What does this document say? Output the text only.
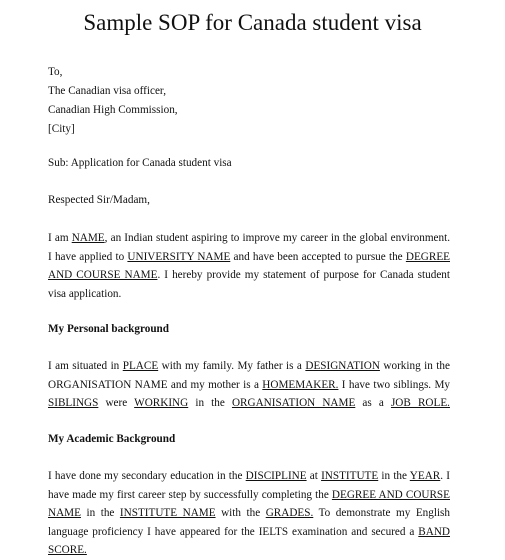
Sample SOP for Canada student visa
To,
The Canadian visa officer,
Canadian High Commission,
[City]
Sub: Application for Canada student visa
Respected Sir/Madam,

I am NAME, an Indian student aspiring to improve my career in the global environment. I have applied to UNIVERSITY NAME and have been accepted to pursue the DEGREE AND COURSE NAME. I hereby provide my statement of purpose for Canada student visa application.

My Personal background

I am situated in PLACE with my family. My father is a DESIGNATION working in the ORGANISATION NAME and my mother is a HOMEMAKER. I have two siblings. My SIBLINGS were WORKING in the ORGANISATION NAME as a JOB ROLE.

My Academic Background

I have done my secondary education in the DISCIPLINE at INSTITUTE in the YEAR. I have made my first career step by successfully completing the DEGREE AND COURSE NAME in the INSTITUTE NAME with the GRADES. To demonstrate my English language proficiency I have appeared for the IELTS examination and secured a BAND SCORE.
